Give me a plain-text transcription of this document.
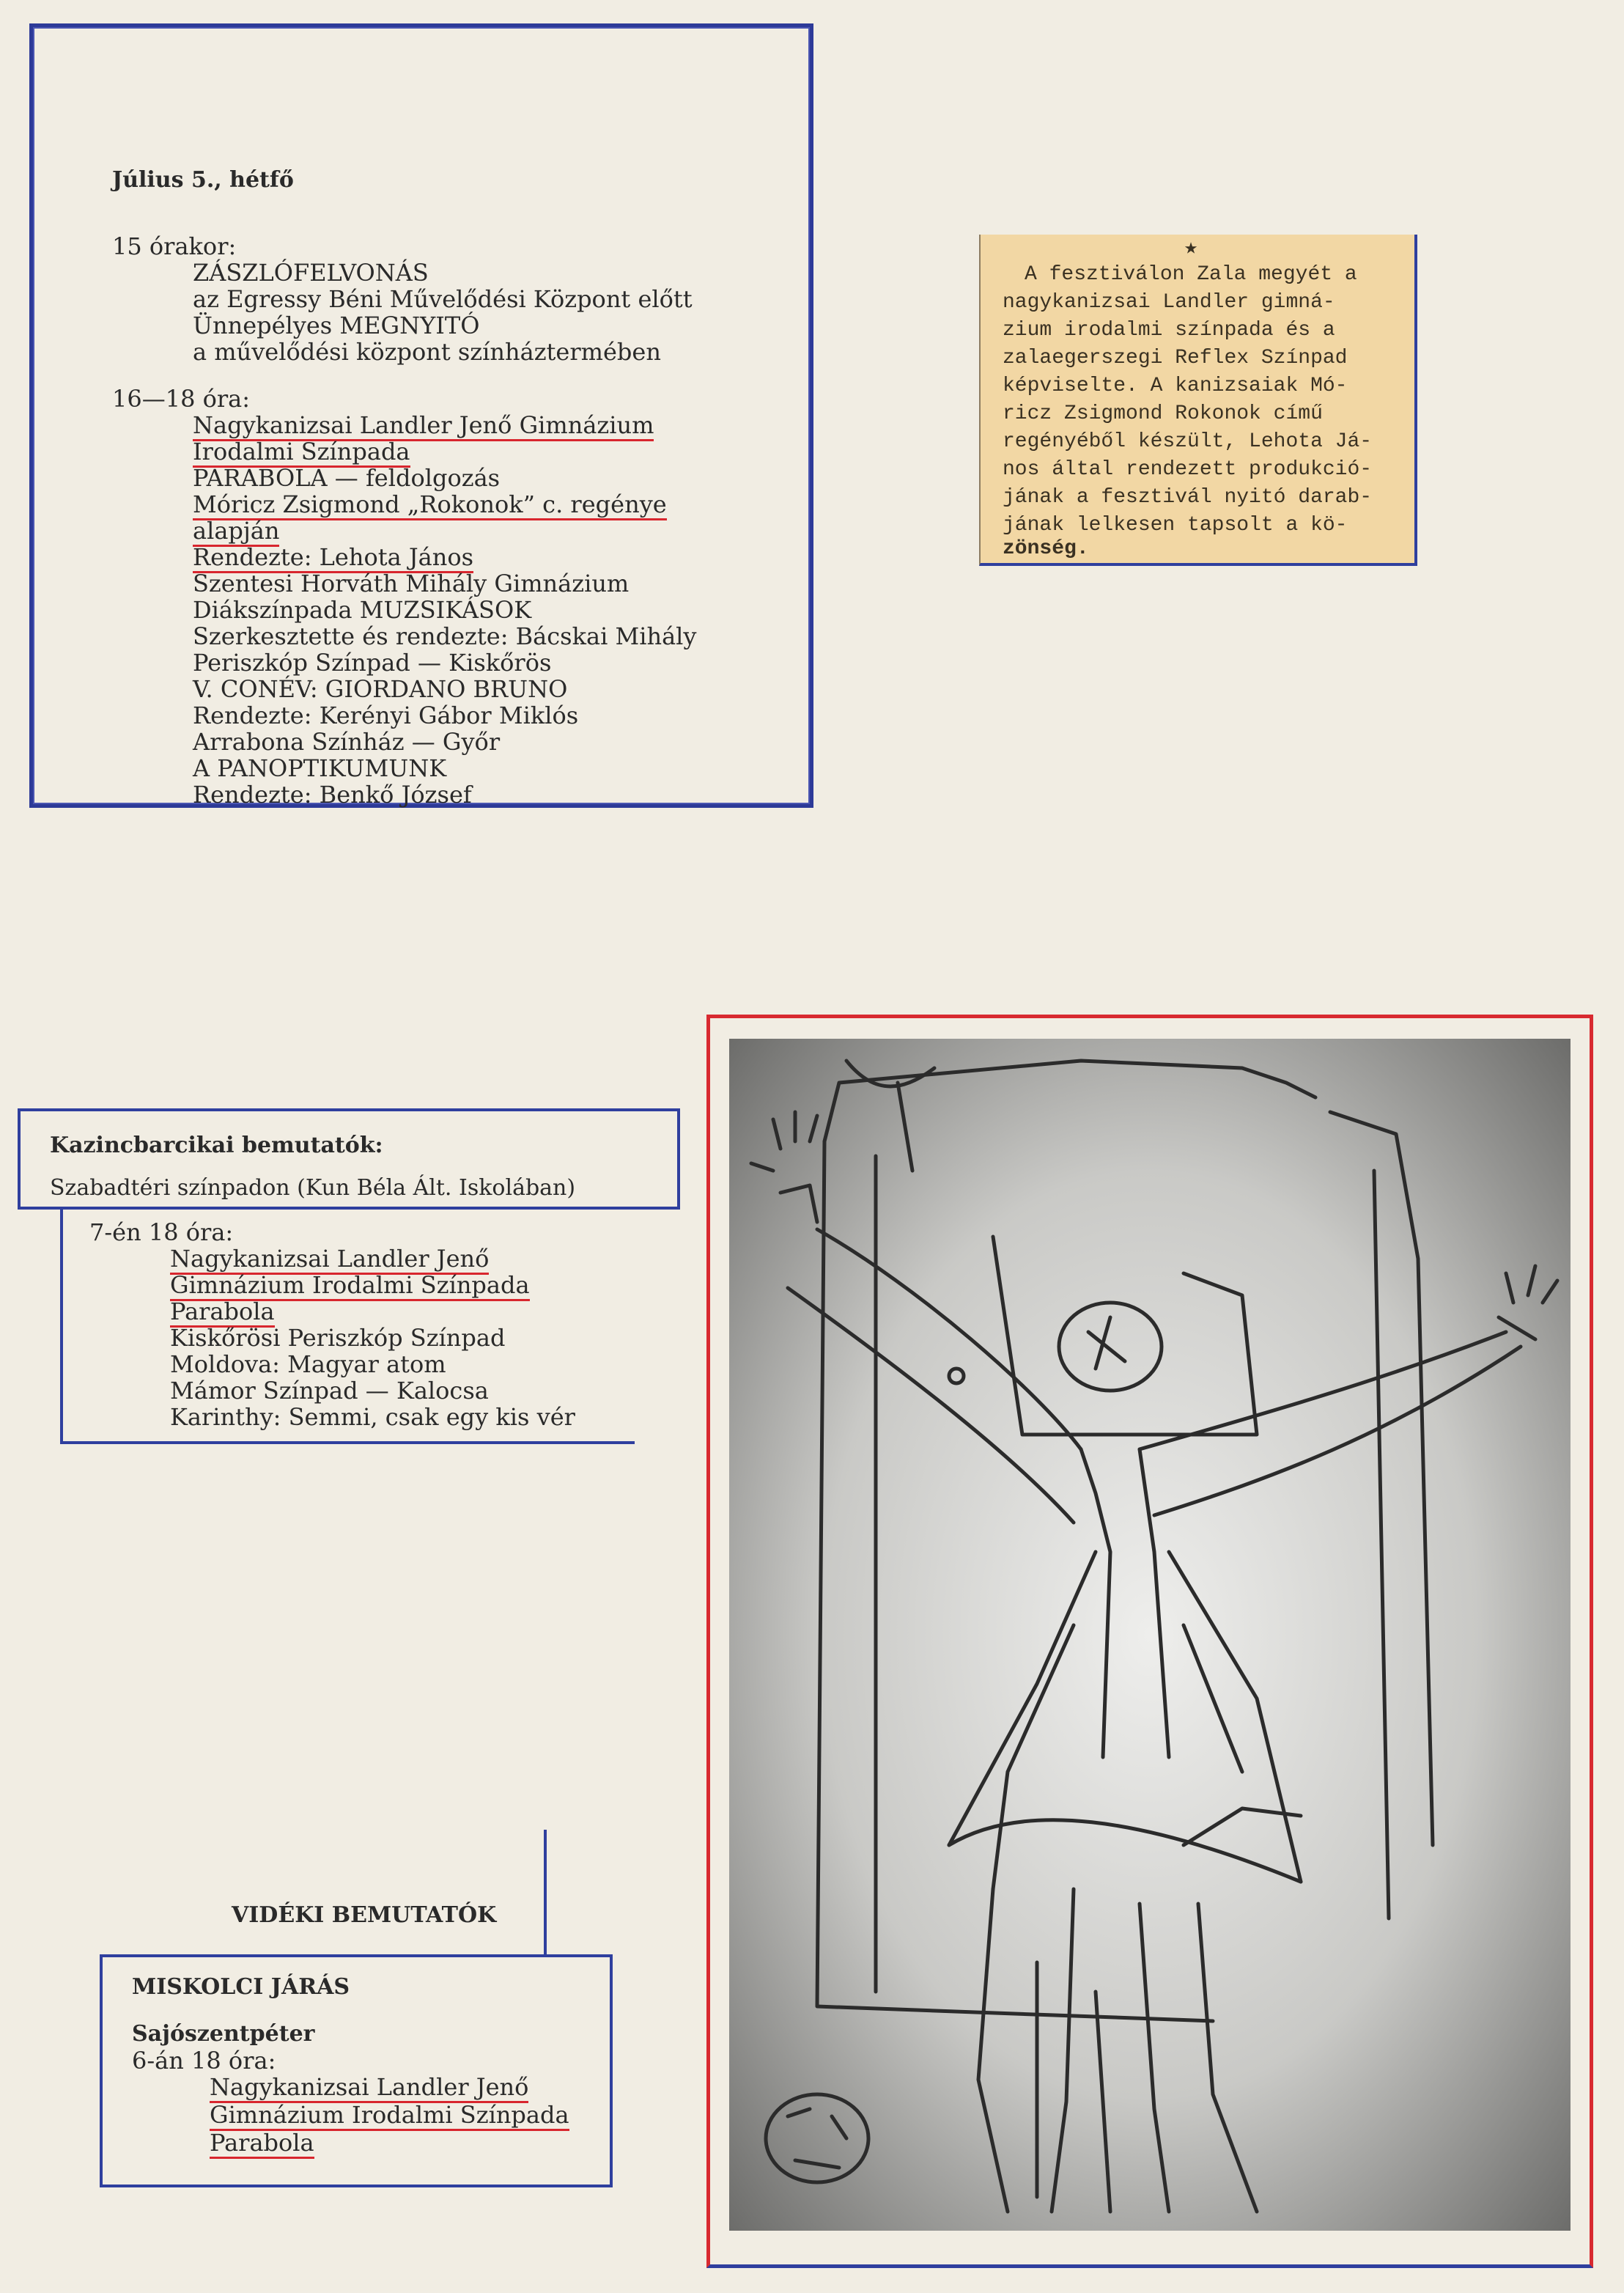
Július 5., hétfő
15 órakor:
ZÁSZLÓFELVONÁS
az Egressy Béni Művelődési Központ előtt
Ünnepélyes MEGNYITÓ
a művelődési központ színháztermében
16—18 óra:
Nagykanizsai Landler Jenő Gimnázium
Irodalmi Színpada
PARABOLA — feldolgozás
Móricz Zsigmond „Rokonok” c. regénye
alapján
Rendezte: Lehota János
Szentesi Horváth Mihály Gimnázium
Diákszínpada MUZSIKÁSOK
Szerkesztette és rendezte: Bácskai Mihály
Periszkóp Színpad — Kiskőrös
V. CONÉV: GIORDANO BRUNO
Rendezte: Kerényi Gábor Miklós
Arrabona Színház — Győr
A PANOPTIKUMUNK
Rendezte: Benkő József
★
A fesztiválon Zala megyét a
nagykanizsai Landler gimná-
zium irodalmi színpada és a
zalaegerszegi Reflex Színpad
képviselte. A kanizsaiak Mó-
ricz Zsigmond Rokonok című
regényéből készült, Lehota Já-
nos által rendezett produkció-
jának a fesztivál nyitó darab-
jának lelkesen tapsolt a kö-
zönség.
Kazincbarcikai bemutatók:
Szabadtéri színpadon (Kun Béla Ált. Iskolában)
7-én 18 óra:
Nagykanizsai Landler Jenő
Gimnázium Irodalmi Színpada
Parabola
Kiskőrösi Periszkóp Színpad
Moldova: Magyar atom
Mámor Színpad — Kalocsa
Karinthy: Semmi, csak egy kis vér
VIDÉKI BEMUTATÓK
MISKOLCI JÁRÁS
Sajószentpéter
6-án 18 óra:
Nagykanizsai Landler Jenő
Gimnázium Irodalmi Színpada
Parabola
